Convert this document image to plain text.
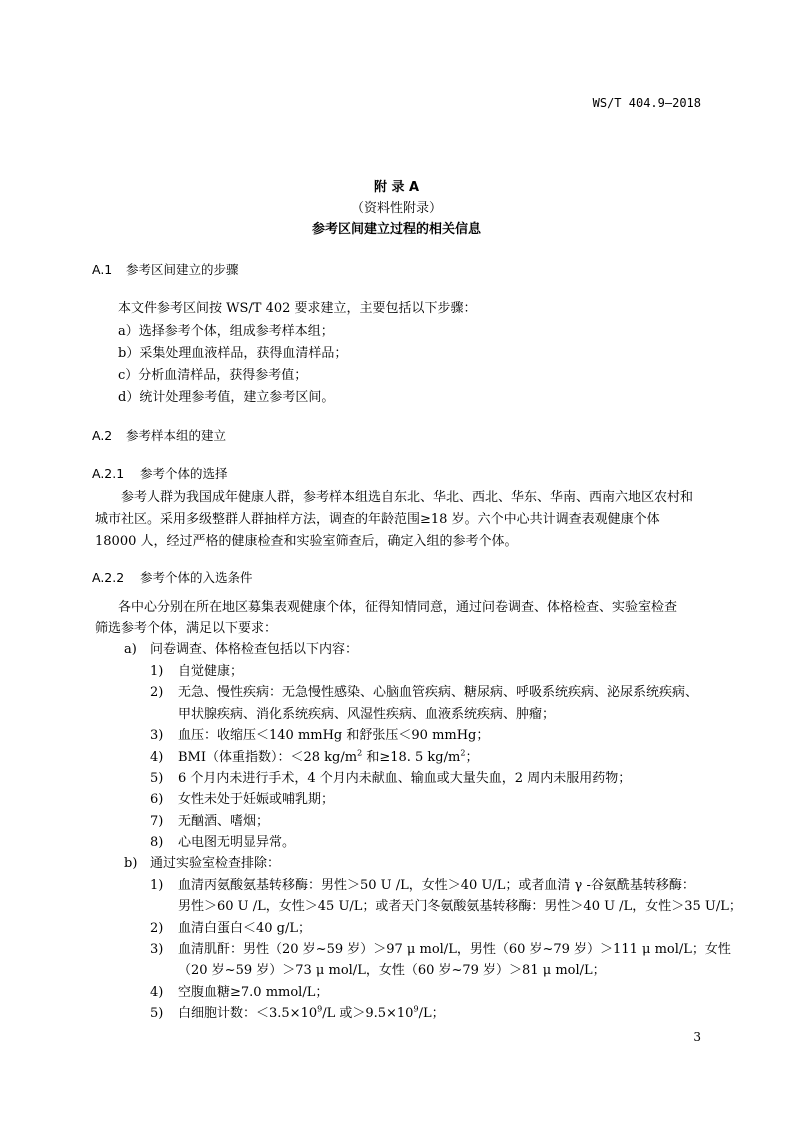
WS/T 404.9—2018
附 录 A
（资料性附录）
参考区间建立过程的相关信息
A.1 参考区间建立的步骤
本文件参考区间按 WS/T 402 要求建立，主要包括以下步骤：
a）选择参考个体，组成参考样本组；
b）采集处理血液样品，获得血清样品；
c）分析血清样品，获得参考值；
d）统计处理参考值，建立参考区间。
A.2 参考样本组的建立
A.2.1 参考个体的选择
参考人群为我国成年健康人群，参考样本组选自东北、华北、西北、华东、华南、西南六地区农村和城市社区。采用多级整群人群抽样方法，调查的年龄范围≥18 岁。六个中心共计调查表观健康个体 18000 人，经过严格的健康检查和实验室筛查后，确定入组的参考个体。
A.2.2 参考个体的入选条件
各中心分别在所在地区募集表观健康个体，征得知情同意，通过问卷调查、体格检查、实验室检查
筛选参考个体，满足以下要求：
a) 问卷调查、体格检查包括以下内容：
1) 自觉健康；
2) 无急、慢性疾病：无急慢性感染、心脑血管疾病、糖尿病、呼吸系统疾病、泌尿系统疾病、
甲状腺疾病、消化系统疾病、风湿性疾病、血液系统疾病、肿瘤；
3) 血压：收缩压＜140 mmHg 和舒张压＜90 mmHg；
4) BMI（体重指数）：＜28 $kg/m^2$ 和≥18. 5 $kg/m^2$；
5) 6 个月内未进行手术，4 个月内未献血、输血或大量失血，2 周内未服用药物；
6) 女性未处于妊娠或哺乳期；
7) 无酗酒、嗜烟；
8) 心电图无明显异常。
b) 通过实验室检查排除：
1) 血清丙氨酸氨基转移酶：男性＞50 U /L，女性＞40 U/L；或者血清 γ -谷氨酰基转移酶：
男性＞60 U /L，女性＞45 U/L；或者天门冬氨酸氨基转移酶：男性＞40 U /L，女性＞35 U/L；
2) 血清白蛋白＜40 g/L；
3) 血清肌酐：男性（20 岁~59 岁）＞97 μ mol/L，男性（60 岁~79 岁）＞111 μ mol/L；女性
（20 岁~59 岁）＞73 μ mol/L，女性（60 岁~79 岁）＞81 μ mol/L；
4) 空腹血糖≥7.0 mmol/L；
5) 白细胞计数：$<3.5\times 10^9/L$ 或$>9.5\times 10^9/L$；
3
